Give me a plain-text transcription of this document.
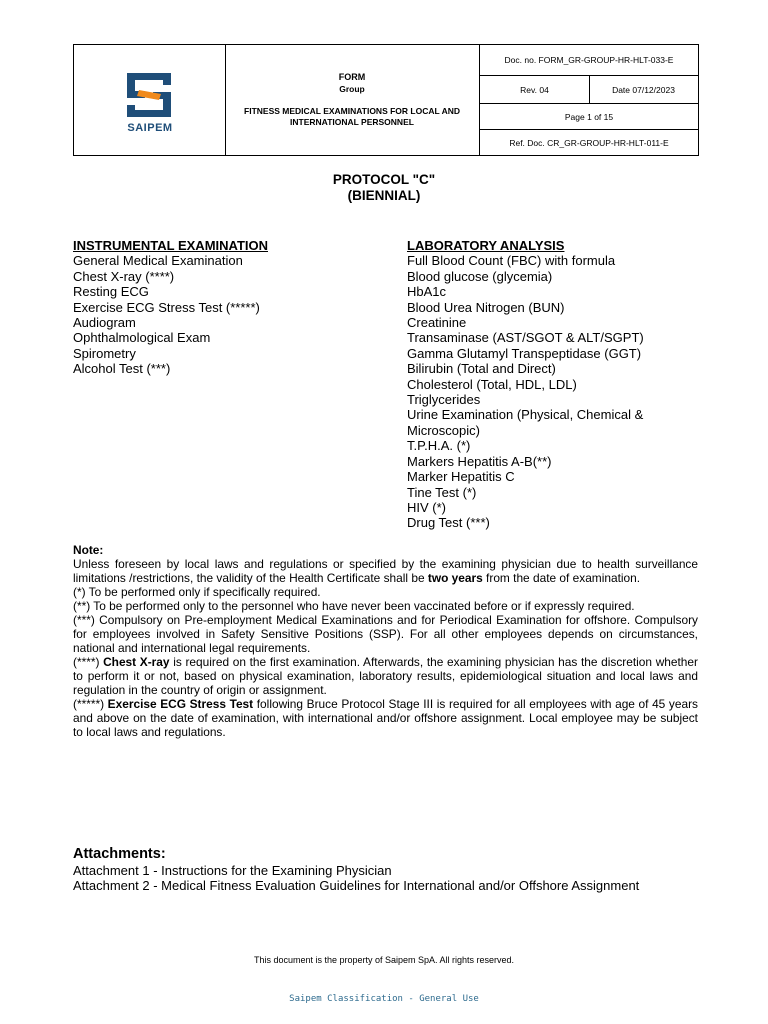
SAIPEM
FORM
Group
FITNESS MEDICAL EXAMINATIONS FOR LOCAL AND INTERNATIONAL PERSONNEL
Doc. no. FORM_GR-GROUP-HR-HLT-033-E
Rev. 04	Date 07/12/2023
Page 1 of 15
Ref. Doc. CR_GR-GROUP-HR-HLT-011-E
PROTOCOL "C"
(BIENNIAL)
INSTRUMENTAL EXAMINATION
General Medical Examination
Chest X-ray (****)
Resting ECG
Exercise ECG Stress Test (*****)
Audiogram
Ophthalmological Exam
Spirometry
Alcohol Test (***)
LABORATORY ANALYSIS
Full Blood Count (FBC) with formula
Blood glucose (glycemia)
HbA1c
Blood Urea Nitrogen (BUN)
Creatinine
Transaminase (AST/SGOT & ALT/SGPT)
Gamma Glutamyl Transpeptidase (GGT)
Bilirubin (Total and Direct)
Cholesterol (Total, HDL, LDL)
Triglycerides
Urine Examination (Physical, Chemical & Microscopic)
T.P.H.A. (*)
Markers Hepatitis A-B(**)
Marker Hepatitis C
Tine Test (*)
HIV (*)
Drug Test (***)

Note:

Unless foreseen by local laws and regulations or specified by the examining physician due to health surveillance limitations /restrictions, the validity of the Health Certificate shall be two years from the date of examination.

(*) To be performed only if specifically required.

(**) To be performed only to the personnel who have never been vaccinated before or if expressly required.

(***) Compulsory on Pre-employment Medical Examinations and for Periodical Examination for offshore. Compulsory for employees involved in Safety Sensitive Positions (SSP). For all other employees depends on circumstances, national and international legal requirements.

(****) Chest X-ray is required on the first examination. Afterwards, the examining physician has the discretion whether to perform it or not, based on physical examination, laboratory results, epidemiological situation and local laws and regulation in the country of origin or assignment.

(*****) Exercise ECG Stress Test following Bruce Protocol Stage III is required for all employees with age of 45 years and above on the date of examination, with international and/or offshore assignment. Local employee may be subject to local laws and regulations.

Attachments:
Attachment 1 - Instructions for the Examining Physician
Attachment 2 - Medical Fitness Evaluation Guidelines for International and/or Offshore Assignment
This document is the property of Saipem SpA. All rights reserved.
Saipem Classification - General Use
